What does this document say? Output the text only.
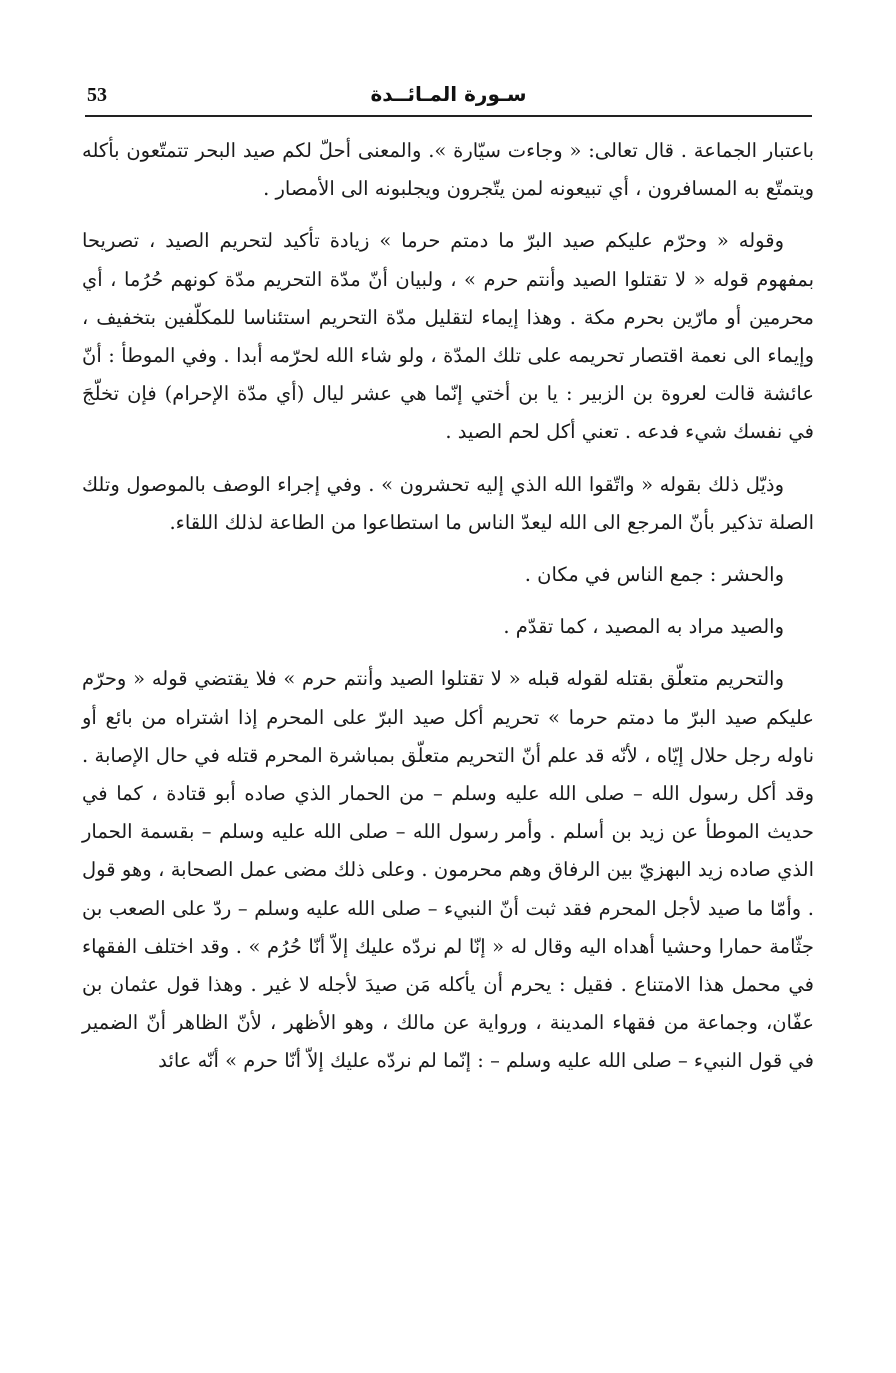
53	سـورة المـائــدة

باعتبار الجماعة . قال تعالى: « وجاءت سيّارة ». والمعنى أحلّ لكم صيد البحر تتمتّعون بأكله ويتمتّع به المسافرون ، أي تبيعونه لمن يتّجرون ويجلبونه الى الأمصار .

وقوله « وحرّم عليكم صيد البرّ ما دمتم حرما » زيادة تأكيد لتحريم الصيد ، تصريحا بمفهوم قوله « لا تقتلوا الصيد وأنتم حرم » ، ولبيان أنّ مدّة التحريم مدّة كونهم حُرُما ، أي محرمين أو مارّين بحرم مكة . وهذا إيماء لتقليل مدّة التحريم استئناسا للمكلّفين بتخفيف ، وإيماء الى نعمة اقتصار تحريمه على تلك المدّة ، ولو شاء الله لحرّمه أبدا . وفي الموطأ : أنّ عائشة قالت لعروة بن الزبير : يا بن أختي إنّما هي عشر ليال (أي مدّة الإحرام) فإن تخلّجَ في نفسك شيء فدعه . تعني أكل لحم الصيد .

وذيّل ذلك بقوله « واتّقوا الله الذي إليه تحشرون » . وفي إجراء الوصف بالموصول وتلك الصلة تذكير بأنّ المرجع الى الله ليعدّ الناس ما استطاعوا من الطاعة لذلك اللقاء.

والحشر : جمع الناس في مكان .

والصيد مراد به المصيد ، كما تقدّم .

والتحريم متعلّق بقتله لقوله قبله « لا تقتلوا الصيد وأنتم حرم » فلا يقتضي قوله « وحرّم عليكم صيد البرّ ما دمتم حرما » تحريم أكل صيد البرّ على المحرم إذا اشتراه من بائع أو ناوله رجل حلال إيّاه ، لأنّه قد علم أنّ التحريم متعلّق بمباشرة المحرم قتله في حال الإصابة . وقد أكل رسول الله – صلى الله عليه وسلم – من الحمار الذي صاده أبو قتادة ، كما في حديث الموطأ عن زيد بن أسلم . وأمر رسول الله – صلى الله عليه وسلم – بقسمة الحمار الذي صاده زيد البهزيّ بين الرفاق وهم محرمون . وعلى ذلك مضى عمل الصحابة ، وهو قول . وأمّا ما صيد لأجل المحرم فقد ثبت أنّ النبيء – صلى الله عليه وسلم – ردّ على الصعب بن جثّامة حمارا وحشيا أهداه اليه وقال له « إنّا لم نردّه عليك إلاّ أنّا حُرُم » . وقد اختلف الفقهاء في محمل هذا الامتناع . فقيل : يحرم أن يأكله مَن صيدَ لأجله لا غير . وهذا قول عثمان بن عفّان، وجماعة من فقهاء المدينة ، ورواية عن مالك ، وهو الأظهر ، لأنّ الظاهر أنّ الضمير في قول النبيء – صلى الله عليه وسلم – : إنّما لم نردّه عليك إلاّ أنّا حرم » أنّه عائد
